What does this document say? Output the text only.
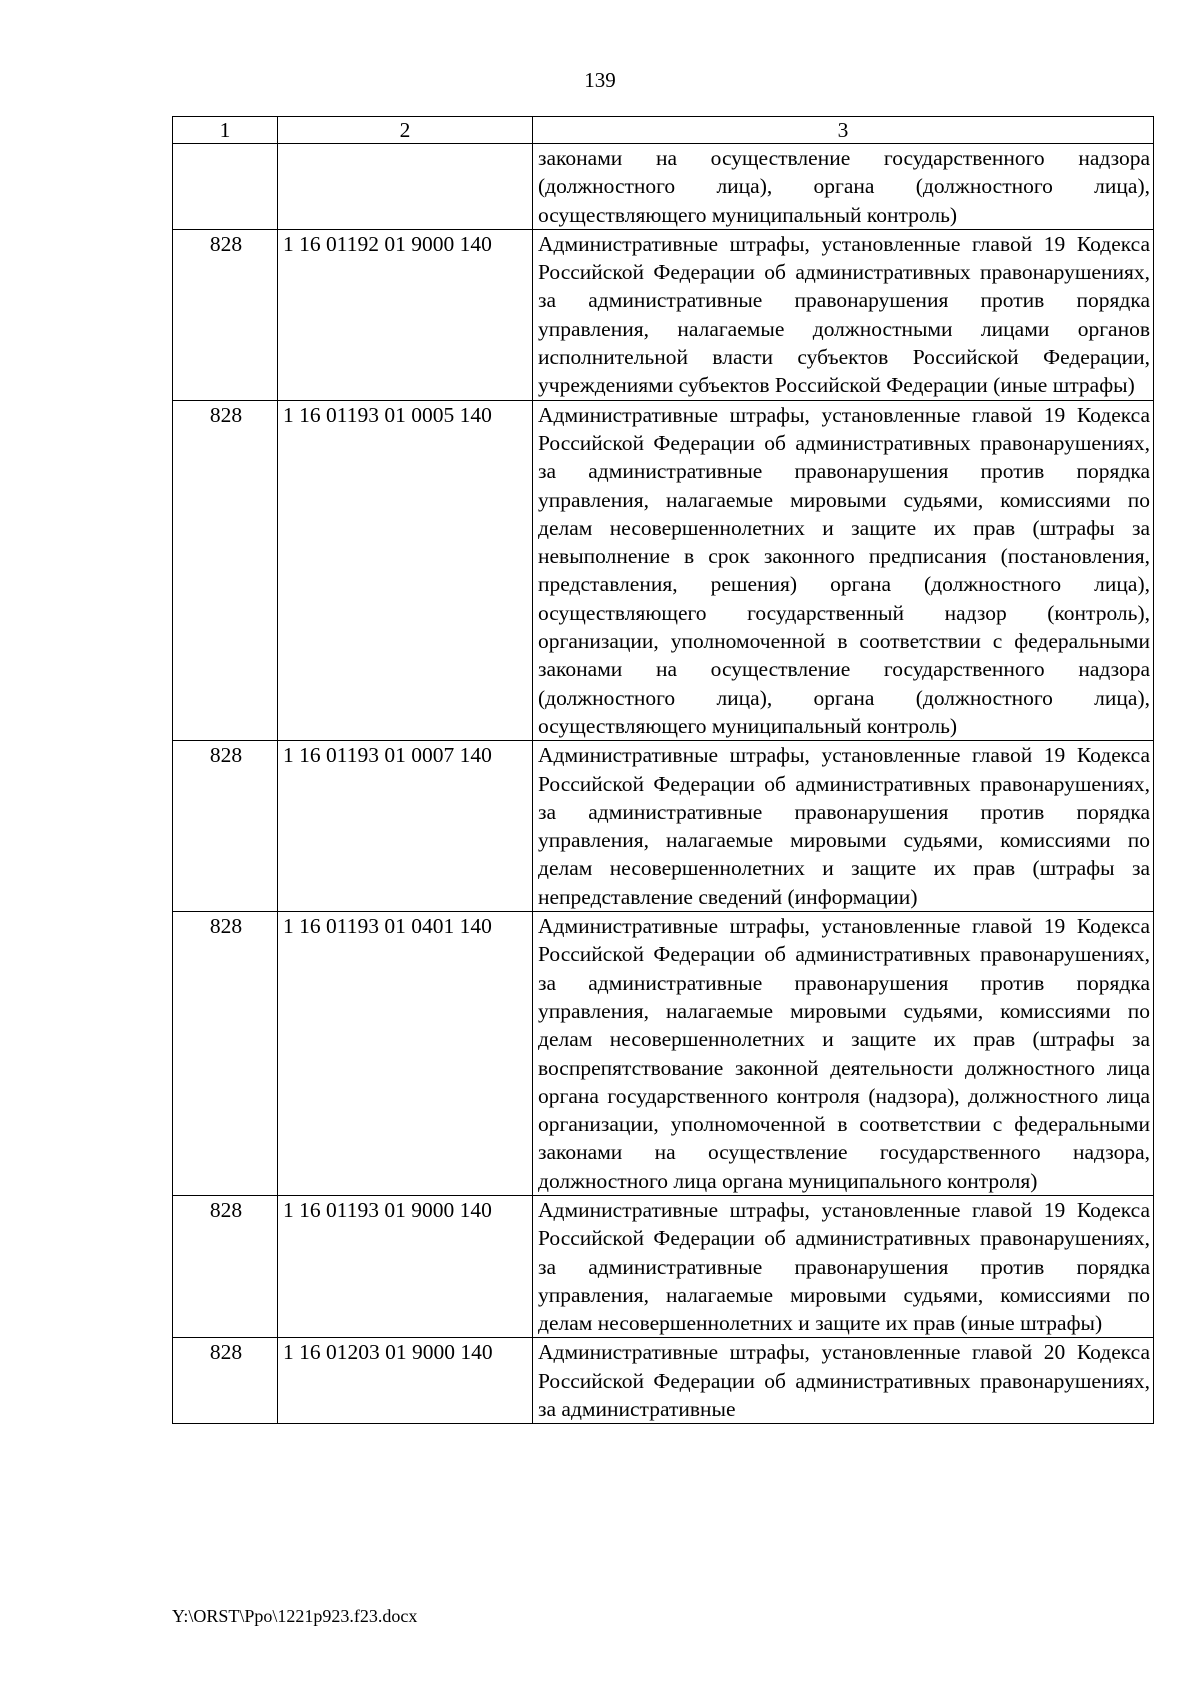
139
1	2	3
		законами на осуществление государственного надзора (должностного лица), органа (должностного лица), осуществляющего муниципальный контроль)
828	1 16 01192 01 9000 140	Административные штрафы, установленные главой 19 Кодекса Российской Федерации об административных правонарушениях, за административные правонарушения против порядка управления, налагаемые должностными лицами органов исполнительной власти субъектов Российской Федерации, учреждениями субъектов Российской Федерации (иные штрафы)
828	1 16 01193 01 0005 140	Административные штрафы, установленные главой 19 Кодекса Российской Федерации об административных правонарушениях, за административные правонарушения против порядка управления, налагаемые мировыми судьями, комиссиями по делам несовершеннолетних и защите их прав (штрафы за невыполнение в срок законного предписания (постановления, представления, решения) органа (должностного лица), осуществляющего государственный надзор (контроль), организации, уполномоченной в соответствии с федеральными законами на осуществление государственного надзора (должностного лица), органа (должностного лица), осуществляющего муниципальный контроль)
828	1 16 01193 01 0007 140	Административные штрафы, установленные главой 19 Кодекса Российской Федерации об административных правонарушениях, за административные правонарушения против порядка управления, налагаемые мировыми судьями, комиссиями по делам несовершеннолетних и защите их прав (штрафы за непредставление сведений (информации)
828	1 16 01193 01 0401 140	Административные штрафы, установленные главой 19 Кодекса Российской Федерации об административных правонарушениях, за административные правонарушения против порядка управления, налагаемые мировыми судьями, комиссиями по делам несовершеннолетних и защите их прав (штрафы за воспрепятствование законной деятельности должностного лица органа государственного контроля (надзора), должностного лица организации, уполномоченной в соответствии с федеральными законами на осуществление государственного надзора, должностного лица органа муниципального контроля)
828	1 16 01193 01 9000 140	Административные штрафы, установленные главой 19 Кодекса Российской Федерации об административных правонарушениях, за административные правонарушения против порядка управления, налагаемые мировыми судьями, комиссиями по делам несовершеннолетних и защите их прав (иные штрафы)
828	1 16 01203 01 9000 140	Административные штрафы, установленные главой 20 Кодекса Российской Федерации об административных правонарушениях, за административные
Y:\ORST\Ppo\1221p923.f23.docx
